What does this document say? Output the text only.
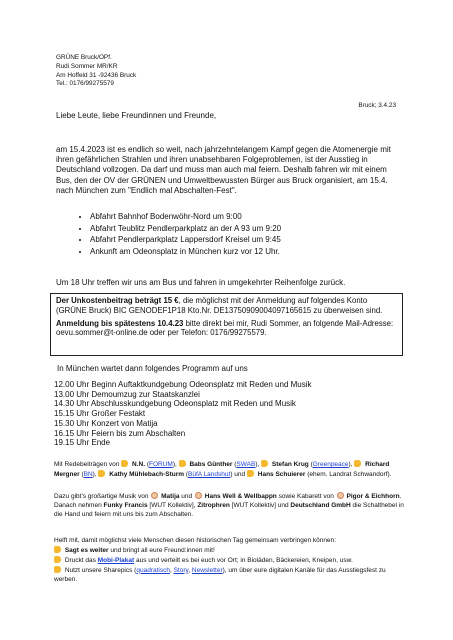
GRÜNE Bruck/OPf.
Rudi Sommer MR/KR
Am Hoffeld 31 -92436 Bruck
Tel.: 0176/99275579
Bruck; 3.4.23
Liebe Leute, liebe Freundinnen und Freunde,
am 15.4.2023 ist es endlich so weit, nach jahrzehntelangem Kampf gegen die Atomenergie mit ihren gefährlichen Strahlen und ihren unabsehbaren Folgeproblemen, ist der Ausstieg in Deutschland vollzogen. Da darf und muss man auch mal feiern. Deshalb fahren wir mit einem Bus, den der OV der GRÜNEN und Umweltbewussten Bürger aus Bruck organisiert, am 15.4. nach München zum "Endlich mal Abschalten-Fest".
• Abfahrt Bahnhof Bodenwöhr-Nord um 9:00
• Abfahrt Teublitz Pendlerparkplatz an der A 93 um 9:20
• Abfahrt Pendlerparkplatz Lappersdorf Kreisel um 9:45
• Ankunft am Odeonsplatz in München kurz vor 12 Uhr.
Um 18 Uhr treffen wir uns am Bus und fahren in umgekehrter Reihenfolge zurück.

Der Unkostenbeitrag beträgt 15 €, die möglichst mit der Anmeldung auf folgendes Konto (GRÜNE Bruck) BIC GENODEF1P18 Kto.Nr. DE13750909004097165615 zu überweisen sind.

Anmeldung bis spätestens 10.4.23 bitte direkt bei mir, Rudi Sommer, an folgende Mail-Adresse: oevu.sommer@t-online.de oder per Telefon: 0176/99275579.

In München wartet dann folgendes Programm auf uns
12.00 Uhr Beginn Auftaktkundgebung Odeonsplatz mit Reden und Musik
13.00 Uhr Demoumzug zur Staatskanzlei
14.30 Uhr Abschlusskundgebung Odeonsplatz mit Reden und Musik
15.15 Uhr Großer Festakt
15.30 Uhr Konzert von Matija
16.15 Uhr Feiern bis zum Abschalten
19.15 Uhr Ende
Mit Redebeiträgen von  N.N. (FORUM),  Babs Günther (SWAB),  Stefan Krug (Greenpeace),  Richard Mergner (BN),  Kathy Mühlebach-Sturm (BüfA Landshut) und  Hans Schuierer (ehem. Landrat Schwandorf).
Dazu gibt's großartige Musik von  Matija und  Hans Well & Wellbappn sowie Kabarett von  Pigor & Eichhorn. Danach nehmen Funky Francis [WUT Kollektiv], Zitrophren [WUT Kollektiv] und Deutschland GmbH die Schalthebel in die Hand und feiern mit uns bis zum Abschalten.
Helft mit, damit möglichst viele Menschen diesen historischen Tag gemeinsam verbringen können:
Sagt es weiter und bringt all eure Freund:innen mit!
Druckt das Mobi-Plakat aus und verteilt es bei euch vor Ort; in Bioläden, Bäckereien, Kneipen, usw.
Nutzt unsere Sharepics (quadratisch, Story, Newsletter), um über eure digitalen Kanäle für das Ausstiegsfest zu werben.
